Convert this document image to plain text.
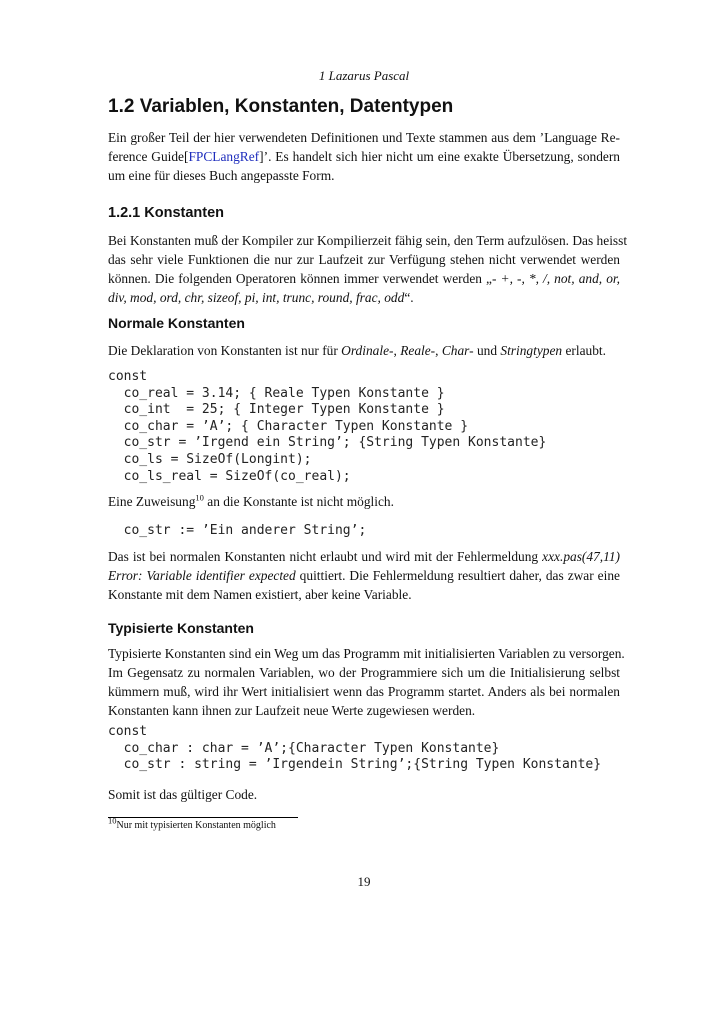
1 Lazarus Pascal
1.2 Variablen, Konstanten, Datentypen
Ein großer Teil der hier verwendeten Definitionen und Texte stammen aus dem ’Language Re-
ference Guide[FPCLangRef]’. Es handelt sich hier nicht um eine exakte Übersetzung, sondern
um eine für dieses Buch angepasste Form.
1.2.1 Konstanten
Bei Konstanten muß der Kompiler zur Kompilierzeit fähig sein, den Term aufzulösen. Das heisst
das sehr viele Funktionen die nur zur Laufzeit zur Verfügung stehen nicht verwendet werden
können. Die folgenden Operatoren können immer verwendet werden „- +, -, *, /, not, and, or,
div, mod, ord, chr, sizeof, pi, int, trunc, round, frac, odd“.
Normale Konstanten
Die Deklaration von Konstanten ist nur für Ordinale-, Reale-, Char- und Stringtypen erlaubt.
const
co_real = 3.14; { Reale Typen Konstante }
co_int  = 25; { Integer Typen Konstante }
co_char = ’A’; { Character Typen Konstante }
co_str = ’Irgend ein String’; {String Typen Konstante}
co_ls = SizeOf(Longint);
co_ls_real = SizeOf(co_real);
Eine Zuweisung$^{10}$ an die Konstante ist nicht möglich.
co_str := ’Ein anderer String’;
Das ist bei normalen Konstanten nicht erlaubt und wird mit der Fehlermeldung xxx.pas(47,11)
Error: Variable identifier expected quittiert. Die Fehlermeldung resultiert daher, das zwar eine
Konstante mit dem Namen existiert, aber keine Variable.
Typisierte Konstanten
Typisierte Konstanten sind ein Weg um das Programm mit initialisierten Variablen zu versorgen.
Im Gegensatz zu normalen Variablen, wo der Programmiere sich um die Initialisierung selbst
kümmern muß, wird ihr Wert initialisiert wenn das Programm startet. Anders als bei normalen
Konstanten kann ihnen zur Laufzeit neue Werte zugewiesen werden.
const
co_char : char = ’A’;{Character Typen Konstante}
co_str : string = ’Irgendein String’;{String Typen Konstante}
Somit ist das gültiger Code.
$^{10}$Nur mit typisierten Konstanten möglich
19
